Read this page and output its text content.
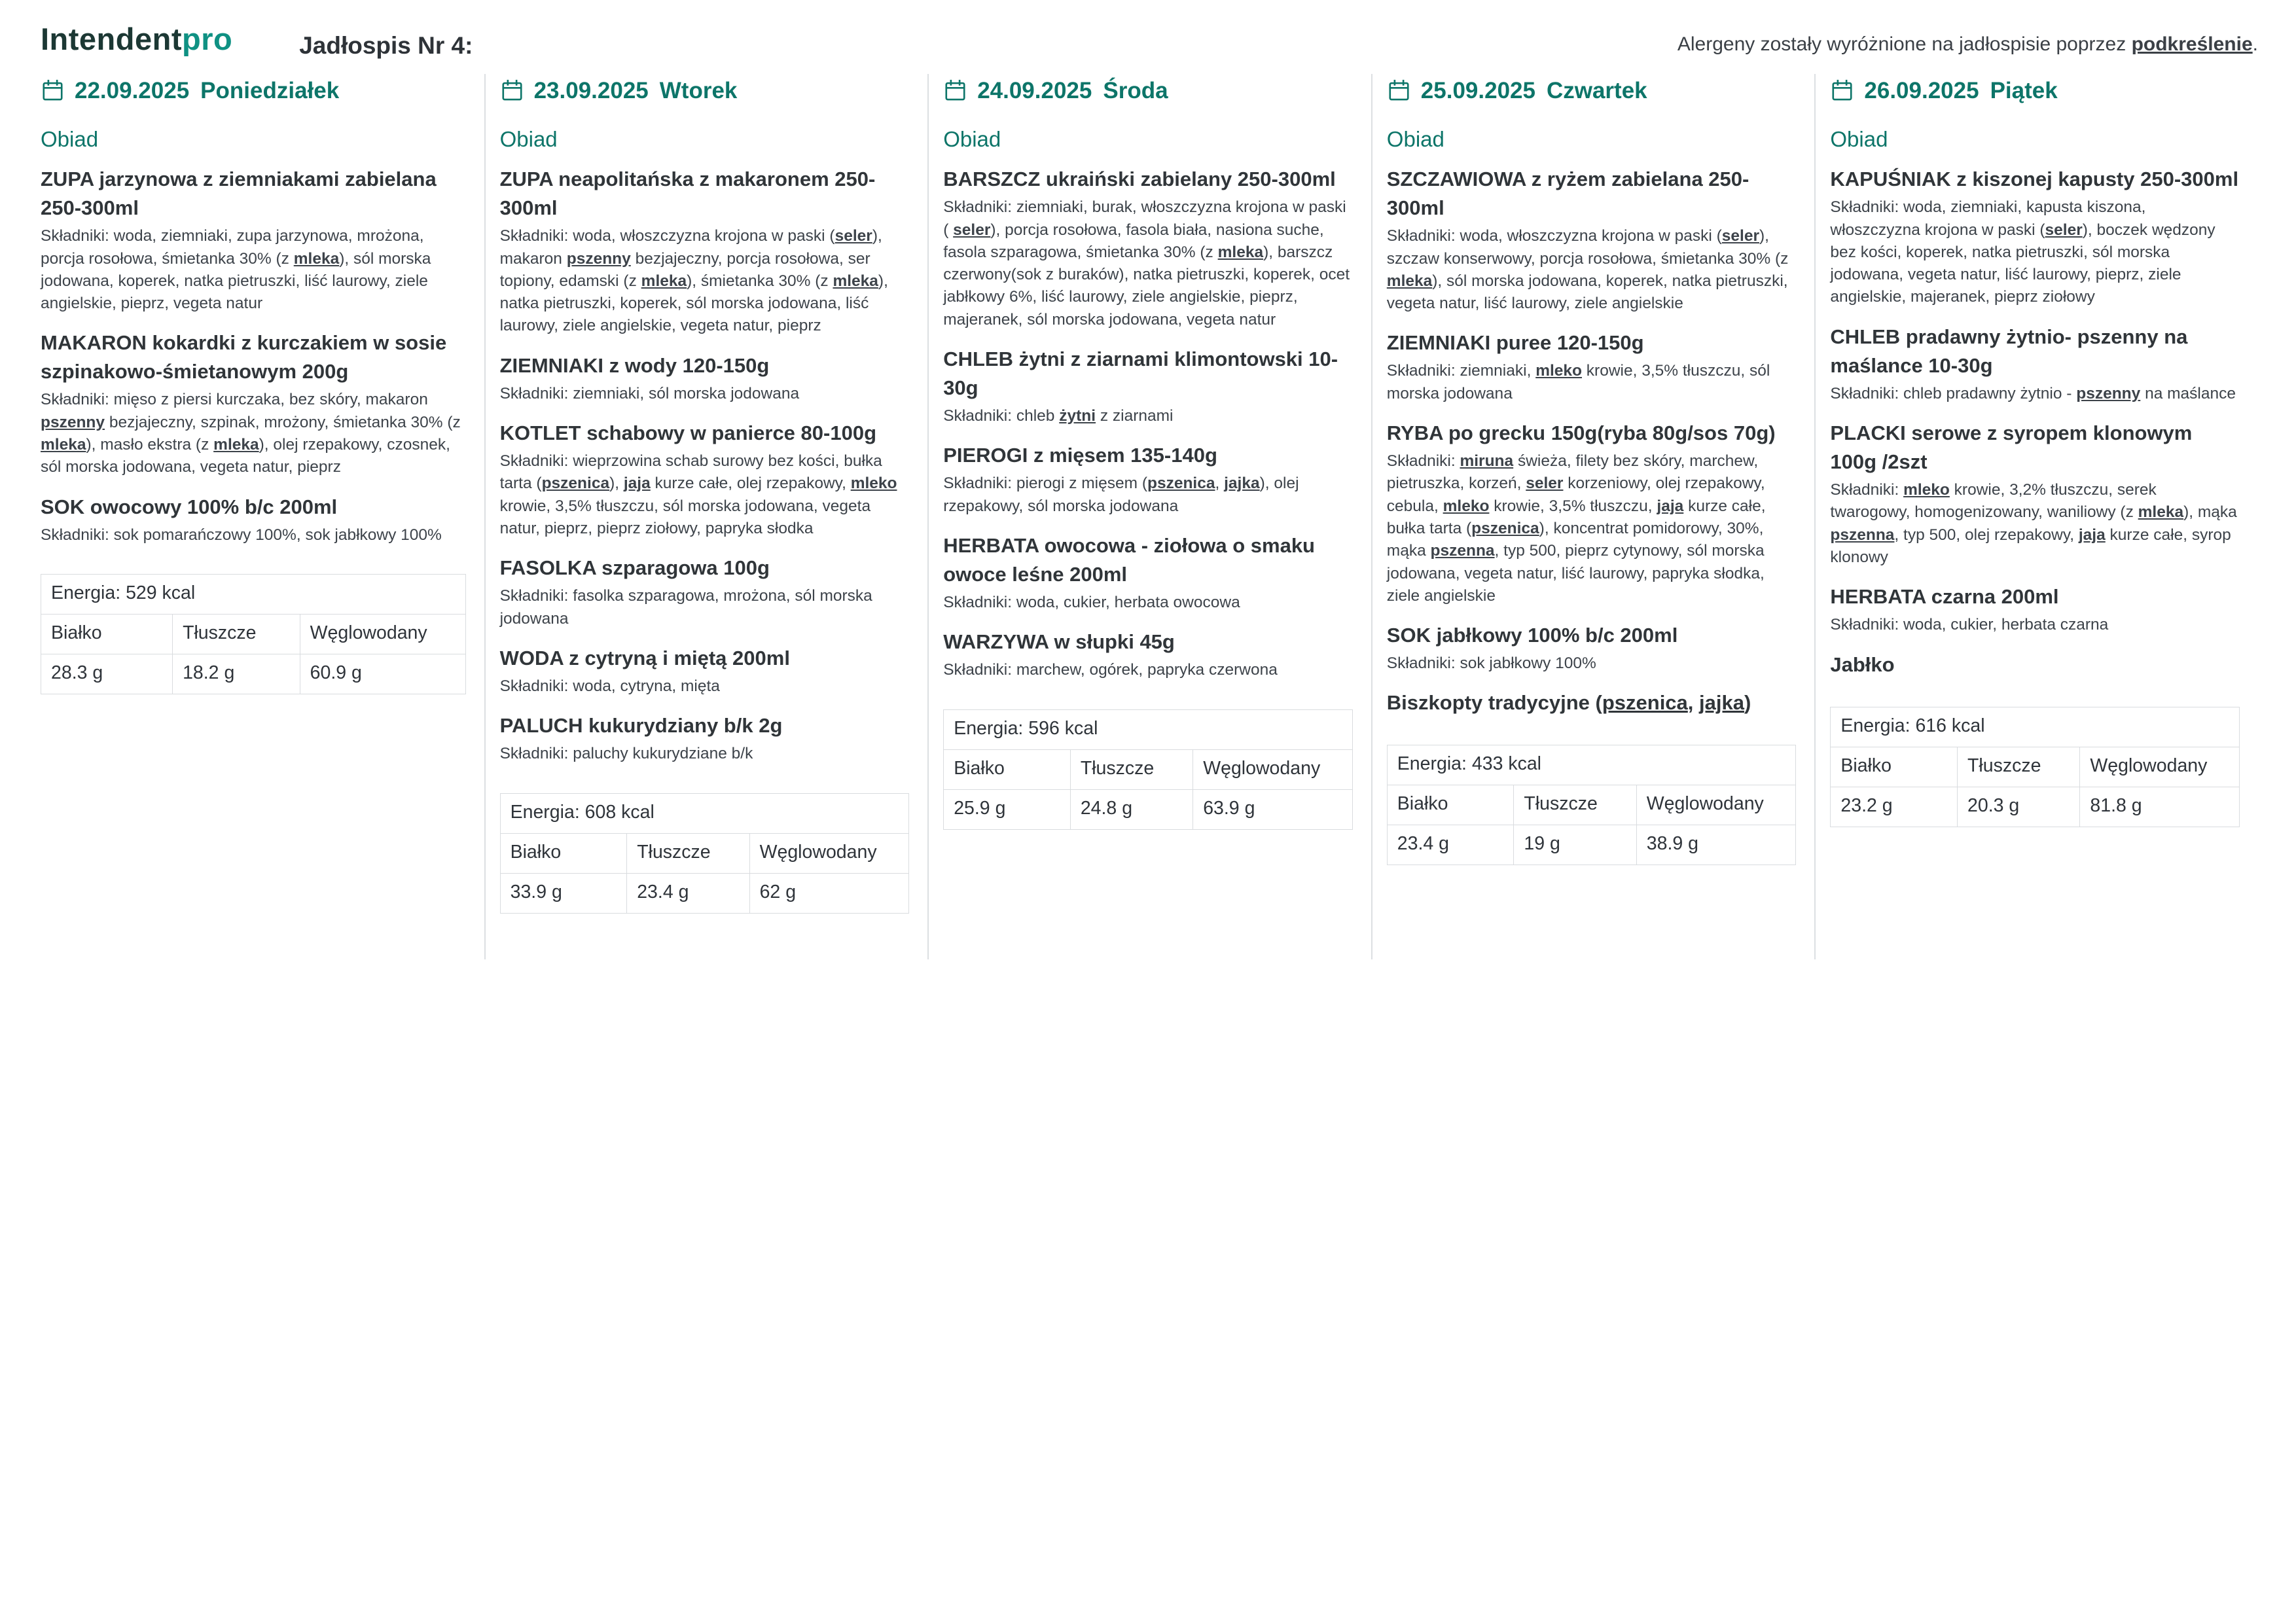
Intendentpro	Jadłospis Nr 4:	Alergeny zostały wyróżnione na jadłospisie poprzez podkreślenie.

22.09.2025 Poniedziałek

Obiad

ZUPA jarzynowa z ziemniakami zabielana 250-300ml

Składniki: woda, ziemniaki, zupa jarzynowa, mrożona, porcja rosołowa, śmietanka 30% (z mleka), sól morska jodowana, koperek, natka pietruszki, liść laurowy, ziele angielskie, pieprz, vegeta natur

MAKARON kokardki z kurczakiem w sosie szpinakowo-śmietanowym 200g

Składniki: mięso z piersi kurczaka, bez skóry, makaron pszenny bezjajeczny, szpinak, mrożony, śmietanka 30% (z mleka), masło ekstra (z mleka), olej rzepakowy, czosnek, sól morska jodowana, vegeta natur, pieprz

SOK owocowy 100% b/c 200ml

Składniki: sok pomarańczowy 100%, sok jabłkowy 100%

Energia: 529 kcal		
Białko	Tłuszcze	Węglowodany
28.3 g	18.2 g	60.9 g
23.09.2025 Wtorek

Obiad

ZUPA neapolitańska z makaronem 250-300ml

Składniki: woda, włoszczyzna krojona w paski (seler), makaron pszenny bezjajeczny, porcja rosołowa, ser topiony, edamski (z mleka), śmietanka 30% (z mleka), natka pietruszki, koperek, sól morska jodowana, liść laurowy, ziele angielskie, vegeta natur, pieprz

ZIEMNIAKI z wody 120-150g

Składniki: ziemniaki, sól morska jodowana

KOTLET schabowy w panierce 80-100g

Składniki: wieprzowina schab surowy bez kości, bułka tarta (pszenica), jaja kurze całe, olej rzepakowy, mleko krowie, 3,5% tłuszczu, sól morska jodowana, vegeta natur, pieprz, pieprz ziołowy, papryka słodka

FASOLKA szparagowa 100g

Składniki: fasolka szparagowa, mrożona, sól morska jodowana

WODA z cytryną i miętą 200ml

Składniki: woda, cytryna, mięta

PALUCH kukurydziany b/k 2g

Składniki: paluchy kukurydziane b/k

Energia: 608 kcal		
Białko	Tłuszcze	Węglowodany
33.9 g	23.4 g	62 g
24.09.2025 Środa

Obiad

BARSZCZ ukraiński zabielany 250-300ml

Składniki: ziemniaki, burak, włoszczyzna krojona w paski ( seler), porcja rosołowa, fasola biała, nasiona suche, fasola szparagowa, śmietanka 30% (z mleka), barszcz czerwony(sok z buraków), natka pietruszki, koperek, ocet jabłkowy 6%, liść laurowy, ziele angielskie, pieprz, majeranek, sól morska jodowana, vegeta natur

CHLEB żytni z ziarnami klimontowski 10-30g

Składniki: chleb żytni z ziarnami

PIEROGI z mięsem 135-140g

Składniki: pierogi z mięsem (pszenica, jajka), olej rzepakowy, sól morska jodowana

HERBATA owocowa - ziołowa o smaku owoce leśne 200ml

Składniki: woda, cukier, herbata owocowa

WARZYWA w słupki 45g

Składniki: marchew, ogórek, papryka czerwona

Energia: 596 kcal		
Białko	Tłuszcze	Węglowodany
25.9 g	24.8 g	63.9 g
25.09.2025 Czwartek

Obiad

SZCZAWIOWA z ryżem zabielana 250-300ml

Składniki: woda, włoszczyzna krojona w paski (seler), szczaw konserwowy, porcja rosołowa, śmietanka 30% (z mleka), sól morska jodowana, koperek, natka pietruszki, vegeta natur, liść laurowy, ziele angielskie

ZIEMNIAKI puree 120-150g

Składniki: ziemniaki, mleko krowie, 3,5% tłuszczu, sól morska jodowana

RYBA po grecku 150g(ryba 80g/sos 70g)

Składniki: miruna świeża, filety bez skóry, marchew, pietruszka, korzeń, seler korzeniowy, olej rzepakowy, cebula, mleko krowie, 3,5% tłuszczu, jaja kurze całe, bułka tarta (pszenica), koncentrat pomidorowy, 30%, mąka pszenna, typ 500, pieprz cytynowy, sól morska jodowana, vegeta natur, liść laurowy, papryka słodka, ziele angielskie

SOK jabłkowy 100% b/c 200ml

Składniki: sok jabłkowy 100%

Biszkopty tradycyjne (pszenica, jajka)
Energia: 433 kcal		
Białko	Tłuszcze	Węglowodany
23.4 g	19 g	38.9 g
26.09.2025 Piątek

Obiad

KAPUŚNIAK z kiszonej kapusty 250-300ml

Składniki: woda, ziemniaki, kapusta kiszona, włoszczyzna krojona w paski (seler), boczek wędzony bez kości, koperek, natka pietruszki, sól morska jodowana, vegeta natur, liść laurowy, pieprz, ziele angielskie, majeranek, pieprz ziołowy

CHLEB pradawny żytnio- pszenny na maślance 10-30g

Składniki: chleb pradawny żytnio - pszenny na maślance

PLACKI serowe z syropem klonowym 100g /2szt

Składniki: mleko krowie, 3,2% tłuszczu, serek twarogowy, homogenizowany, waniliowy (z mleka), mąka pszenna, typ 500, olej rzepakowy, jaja kurze całe, syrop klonowy

HERBATA czarna 200ml

Składniki: woda, cukier, herbata czarna

Jabłko
Energia: 616 kcal		
Białko	Tłuszcze	Węglowodany
23.2 g	20.3 g	81.8 g
